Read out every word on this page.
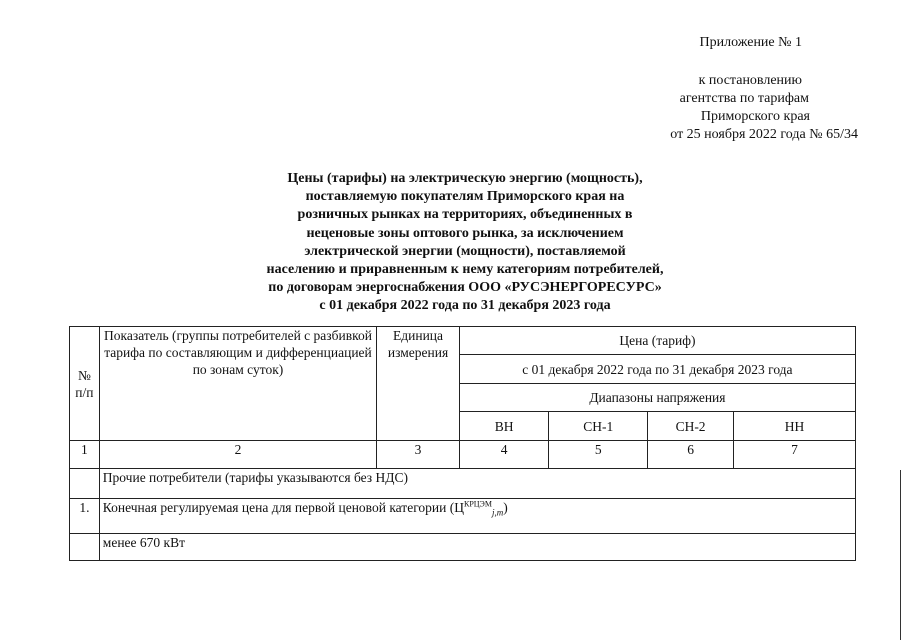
Приложение № 1
к постановлению
агентства по тарифам
Приморского края
от 25 ноября 2022 года № 65/34
Цены (тарифы) на электрическую энергию (мощность),
поставляемую покупателям Приморского края на
розничных рынках на территориях, объединенных в
неценовые зоны оптового рынка, за исключением
электрической энергии (мощности), поставляемой
населению и приравненным к нему категориям потребителей,
по договорам энергоснабжения ООО «РУСЭНЕРГОРЕСУРС»
с 01 декабря 2022 года по 31 декабря 2023 года
№ п/п	Показатель (группы потребителей с разбивкой тарифа по составляющим и дифференциацией по зонам суток)	Единица измерения	Цена (тариф)			
			с 01 декабря 2022 года по 31 декабря 2023 года			
			Диапазоны напряжения			
			ВН	СН-1	СН-2	НН
1	2	3	4	5	6	7
	Прочие потребители (тарифы указываются без НДС)					
1.	Конечная регулируемая цена для первой ценовой категории $(Ц^{КРЦЭМ}_{j,m})$					
	менее 670 кВт					
